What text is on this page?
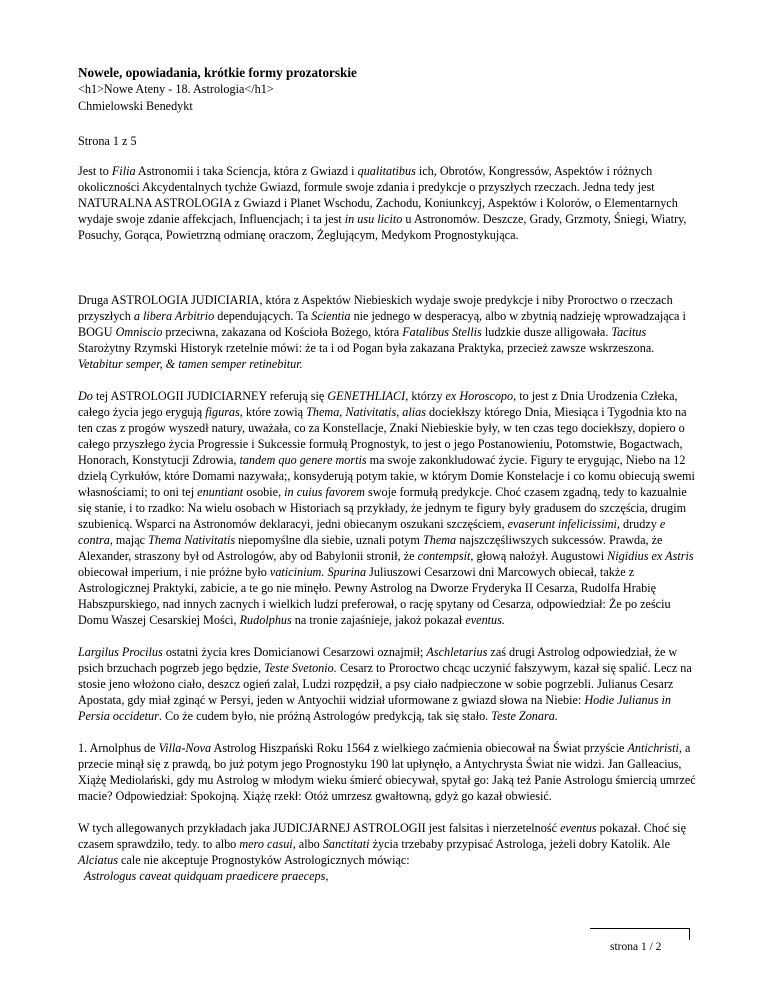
Nowele, opowiadania, krótkie formy prozatorskie

<h1>Nowe Ateny - 18. Astrologia</h1>

Chmielowski Benedykt

Strona 1 z 5

Jest to Filia Astronomii i taka Sciencja, która z Gwiazd i qualitatibus ich, Obrotów, Kongressów, Aspektów i różnych okoliczności Akcydentalnych tychże Gwiazd, formule swoje zdania i predykcje o przyszłych rzeczach. Jedna tedy jest NATURALNA ASTROLOGIA z Gwiazd i Planet Wschodu, Zachodu, Koniunkcyj, Aspektów i Kolorów, o Elementarnych wydaje swoje zdanie affekcjach, Influencjach; i ta jest in usu licito u Astronomów. Deszcze, Grady, Grzmoty, Śniegi, Wiatry, Posuchy, Gorąca, Powietrzną odmianę oraczom, Żeglującym, Medykom Prognostykująca.

Druga ASTROLOGIA JUDICIARIA, która z Aspektów Niebieskich wydaje swoje predykcje i niby Proroctwo o rzeczach przyszłych a libera Arbitrio dependujących. Ta Scientia nie jednego w desperacyą, albo w zbytnią nadzieję wprowadzająca i BOGU Omniscio przeciwna, zakazana od Kościoła Bożego, która Fatalibus Stellis ludzkie dusze alligowała. Tacitus Starożytny Rzymski Historyk rzetelnie mówi: że ta i od Pogan była zakazana Praktyka, przecież zawsze wskrzeszona. Vetabitur semper, & tamen semper retinebitur.

Do tej ASTROLOGII JUDICIARNEY referują się GENETHLIACI, którzy ex Horoscopo, to jest z Dnia Urodzenia Człeka, całego życia jego erygują figuras, które zowią Thema, Nativitatis, alias dociekłszy którego Dnia, Miesiąca i Tygodnia kto na ten czas z progów wyszedł natury, uważała, co za Konstellacje, Znaki Niebieskie były, w ten czas tego dociekłszy, dopiero o całego przyszłego życia Progressie i Sukcessie formułą Prognostyk, to jest o jego Postanowieniu, Potomstwie, Bogactwach, Honorach, Konstytucji Zdrowia, tandem quo genere mortis ma swoje zakonkludować życie. Figury te erygując, Niebo na 12 dzielą Cyrkułów, które Domami nazywała;, konsyderują potym takie, w którym Domie Konstelacje i co komu obiecują swemi własnościami; to oni tej enuntiant osobie, in cuius favorem swoje formułą predykcje. Choć czasem zgadną, tedy to kazualnie się stanie, i to rzadko: Na wielu osobach w Historiach są przykłady, że jednym te figury były gradusem do szczęścia, drugim szubienicą. Wsparci na Astronomów deklaracyi, jedni obiecanym oszukani szczęściem, evaserunt infelicissimi, drudzy e contra, mając Thema Nativitatis niepomyślne dla siebie, uznali potym Thema najszczęśliwszych sukcessów. Prawda, że Alexander, straszony był od Astrologów, aby od Babylonii stronił, że contempsit, głową nałożył. Augustowi Nigidius ex Astris obiecował imperium, i nie próżne było vaticinium. Spurina Juliuszowi Cesarzowi dni Marcowych obiecał, także z Astrologicznej Praktyki, zabicie, a te go nie minęło. Pewny Astrolog na Dworze Fryderyka II Cesarza, Rudolfa Hrabię Habszpurskiego, nad innych zacnych i wielkich ludzi preferował, o rację spytany od Cesarza, odpowiedział: Że po ześciu Domu Waszej Cesarskiej Mości, Rudolphus na tronie zajaśnieje, jakoż pokazał eventus.

Largilus Procilus ostatni życia kres Domicianowi Cesarzowi oznajmił; Aschletarius zaś drugi Astrolog odpowiedział, że w psich brzuchach pogrzeb jego będzie, Teste Svetonio. Cesarz to Proroctwo chcąc uczynić fałszywym, kazał się spalić. Lecz na stosie jeno włożono ciało, deszcz ogień zalał, Ludzi rozpędził, a psy ciało nadpieczone w sobie pogrzebli. Julianus Cesarz Apostata, gdy miał zginąć w Persyi, jeden w Antyochii widział uformowane z gwiazd słowa na Niebie: Hodie Julianus in Persia occidetur. Co że cudem było, nie próżną Astrologów predykcją, tak się stało. Teste Zonara.

1. Arnolphus de Villa-Nova Astrolog Hiszpański Roku 1564 z wielkiego zaćmienia obiecował na Świat przyście Antichristi, a przecie minął się z prawdą, bo już potym jego Prognostyku 190 lat upłynęło, a Antychrysta Świat nie widzi. Jan Galleacius, Xiążę Mediolański, gdy mu Astrolog w młodym wieku śmierć obiecywał, spytał go: Jaką też Panie Astrologu śmiercią umrzeć macie? Odpowiedział: Spokojną. Xiążę rzekł: Otóż umrzesz gwałtowną, gdyż go kazał obwiesić.

W tych allegowanych przykładach jaka JUDICJARNEJ ASTROLOGII jest falsitas i nierzetelność eventus pokazał. Choć się czasem sprawdziło, tedy. to albo mero casui, albo Sanctitati życia trzebaby przypisać Astrologa, jeżeli dobry Katolik. Ale Alciatus cale nie akceptuje Prognostyków Astrologicznych mówiąc:

Astrologus caveat quidquam praedicere praeceps,

strona 1 / 2
